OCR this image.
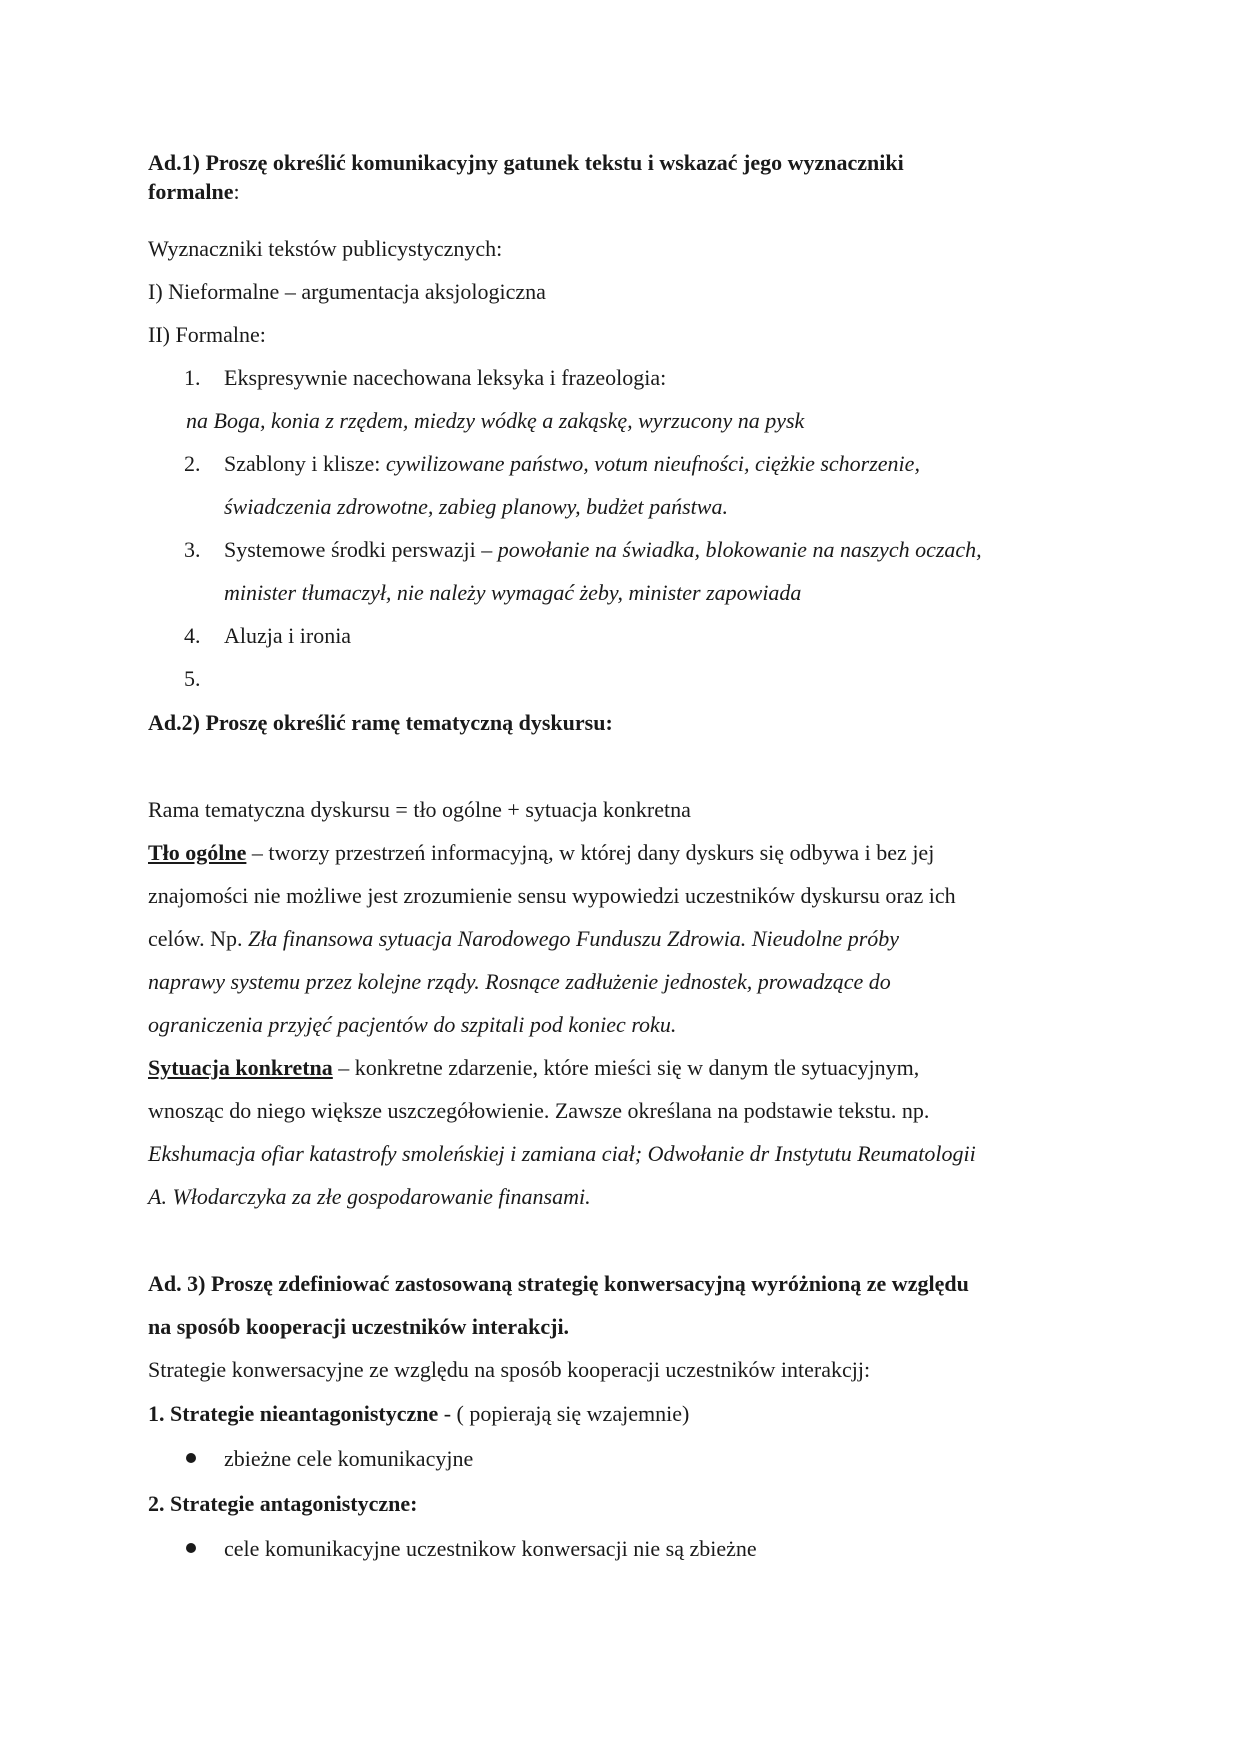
Ad.1) Proszę określić komunikacyjny gatunek tekstu i wskazać jego wyznaczniki
formalne:
Wyznaczniki tekstów publicystycznych:
I) Nieformalne – argumentacja aksjologiczna
II) Formalne:
1.	Ekspresywnie nacechowana leksyka i frazeologia:
na Boga, konia z rzędem, miedzy wódkę a zakąskę, wyrzucony na pysk
2.	Szablony i klisze: cywilizowane państwo, votum nieufności, ciężkie schorzenie,
świadczenia zdrowotne, zabieg planowy, budżet państwa.
3.	Systemowe środki perswazji – powołanie na świadka, blokowanie na naszych oczach,
minister tłumaczył, nie należy wymagać żeby, minister zapowiada
4.	Aluzja i ironia
5.
Ad.2) Proszę określić ramę tematyczną dyskursu:
Rama tematyczna dyskursu = tło ogólne + sytuacja konkretna
Tło ogólne – tworzy przestrzeń informacyjną, w której dany dyskurs się odbywa i bez jej
znajomości nie możliwe jest zrozumienie sensu wypowiedzi uczestników dyskursu oraz ich
celów. Np. Zła finansowa sytuacja Narodowego Funduszu Zdrowia. Nieudolne próby
naprawy systemu przez kolejne rządy. Rosnące zadłużenie jednostek, prowadzące do
ograniczenia przyjęć pacjentów do szpitali pod koniec roku.
Sytuacja konkretna – konkretne zdarzenie, które mieści się w danym tle sytuacyjnym,
wnosząc do niego większe uszczegółowienie. Zawsze określana na podstawie tekstu. np.
Ekshumacja ofiar katastrofy smoleńskiej i zamiana ciał; Odwołanie dr Instytutu Reumatologii
A. Włodarczyka za złe gospodarowanie finansami.
Ad. 3) Proszę zdefiniować zastosowaną strategię konwersacyjną wyróżnioną ze względu
na sposób kooperacji uczestników interakcji.
Strategie konwersacyjne ze względu na sposób kooperacji uczestników interakcjj:
1. Strategie nieantagonistyczne - ( popierają się wzajemnie)
zbieżne cele komunikacyjne
2. Strategie antagonistyczne:
cele komunikacyjne uczestnikow konwersacji nie są zbieżne
